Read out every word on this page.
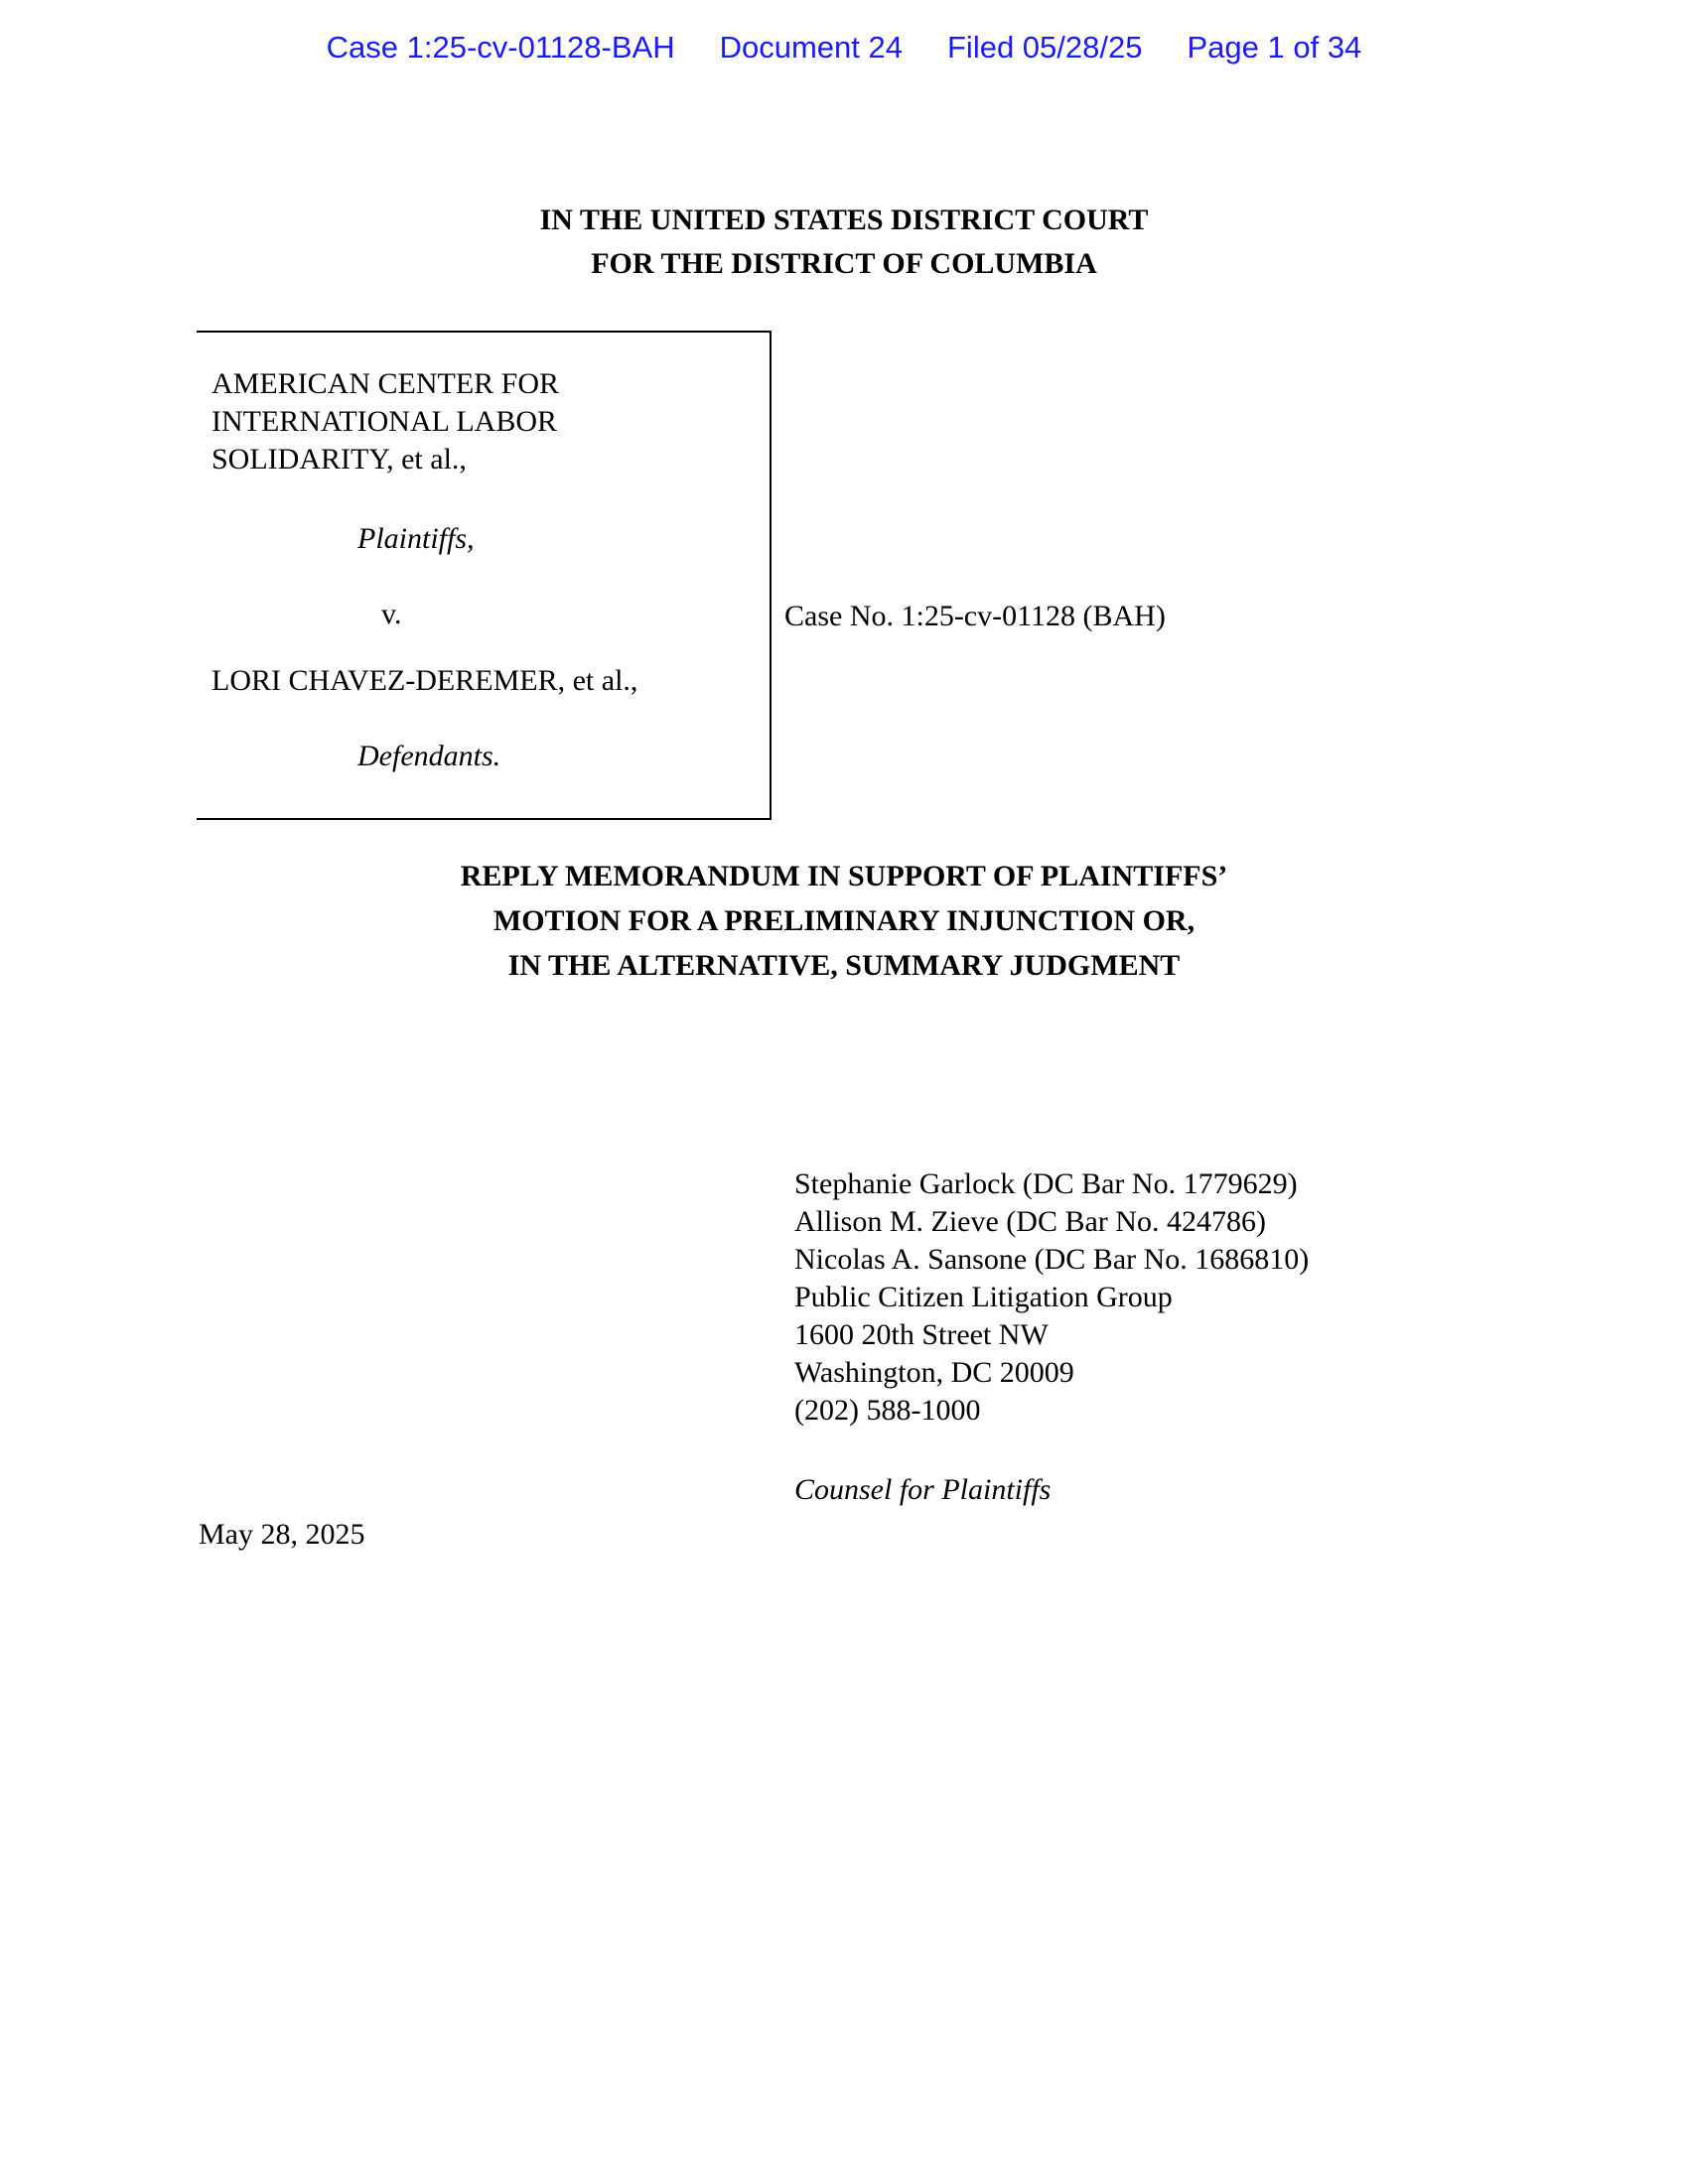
Case 1:25-cv-01128-BAH Document 24 Filed 05/28/25 Page 1 of 34
IN THE UNITED STATES DISTRICT COURT
FOR THE DISTRICT OF COLUMBIA
AMERICAN CENTER FOR
INTERNATIONAL LABOR
SOLIDARITY, et al.,
Plaintiffs,
v.
LORI CHAVEZ-DEREMER, et al.,
Defendants.
Case No. 1:25-cv-01128 (BAH)
REPLY MEMORANDUM IN SUPPORT OF PLAINTIFFS’
MOTION FOR A PRELIMINARY INJUNCTION OR,
IN THE ALTERNATIVE, SUMMARY JUDGMENT
Stephanie Garlock (DC Bar No. 1779629)
Allison M. Zieve (DC Bar No. 424786)
Nicolas A. Sansone (DC Bar No. 1686810)
Public Citizen Litigation Group
1600 20th Street NW
Washington, DC 20009
(202) 588-1000
Counsel for Plaintiffs
May 28, 2025
